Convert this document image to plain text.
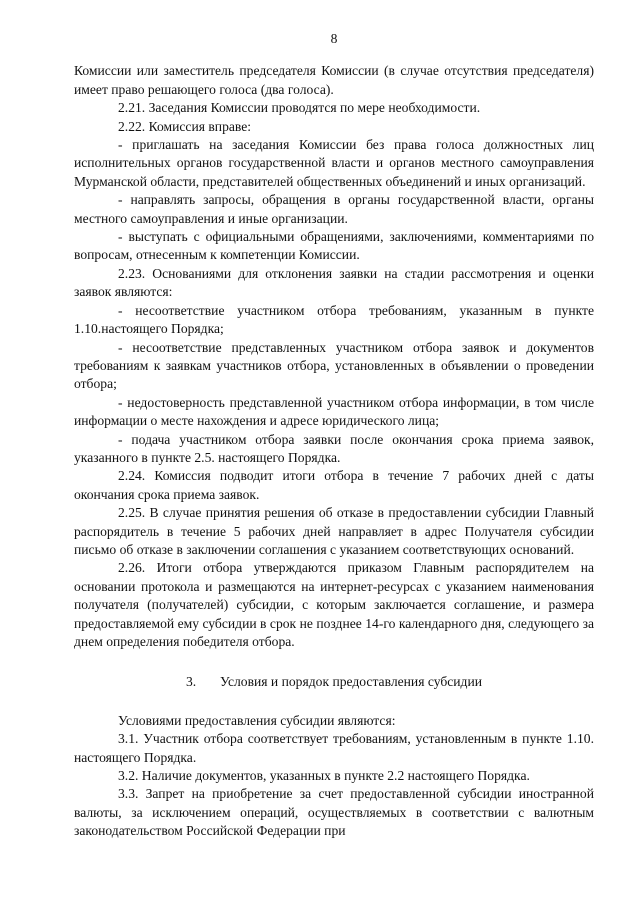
8

Комиссии или заместитель председателя Комиссии (в случае отсутствия председателя) имеет право решающего голоса (два голоса).

2.21. Заседания Комиссии проводятся по мере необходимости.

2.22. Комиссия вправе:

- приглашать на заседания Комиссии без права голоса должностных лиц исполнительных органов государственной власти и органов местного самоуправления Мурманской области, представителей общественных объединений и иных организаций.

- направлять запросы, обращения в органы государственной власти, органы местного самоуправления и иные организации.

- выступать с официальными обращениями, заключениями, комментариями по вопросам, отнесенным к компетенции Комиссии.

2.23. Основаниями для отклонения заявки на стадии рассмотрения и оценки заявок являются:

- несоответствие участником отбора требованиям, указанным в пункте 1.10.настоящего Порядка;

- несоответствие представленных участником отбора заявок и документов требованиям к заявкам участников отбора, установленных в объявлении о проведении отбора;

- недостоверность представленной участником отбора информации, в том числе информации о месте нахождения и адресе юридического лица;

- подача участником отбора заявки после окончания срока приема заявок, указанного в пункте 2.5. настоящего Порядка.

2.24. Комиссия подводит итоги отбора в течение 7 рабочих дней с даты окончания срока приема заявок.

2.25. В случае принятия решения об отказе в предоставлении субсидии Главный распорядитель в течение 5 рабочих дней направляет в адрес Получателя субсидии письмо об отказе в заключении соглашения с указанием соответствующих оснований.

2.26. Итоги отбора утверждаются приказом Главным распорядителем на основании протокола и размещаются на интернет-ресурсах с указанием наименования получателя (получателей) субсидии, с которым заключается соглашение, и размера предоставляемой ему субсидии в срок не позднее 14-го календарного дня, следующего за днем определения победителя отбора.

3.	Условия и порядок предоставления субсидии

Условиями предоставления субсидии являются:

3.1. Участник отбора соответствует требованиям, установленным в пункте 1.10. настоящего Порядка.

3.2. Наличие документов, указанных в пункте 2.2 настоящего Порядка.

3.3. Запрет на приобретение за счет предоставленной субсидии иностранной валюты, за исключением операций, осуществляемых в соответствии с валютным законодательством Российской Федерации при
